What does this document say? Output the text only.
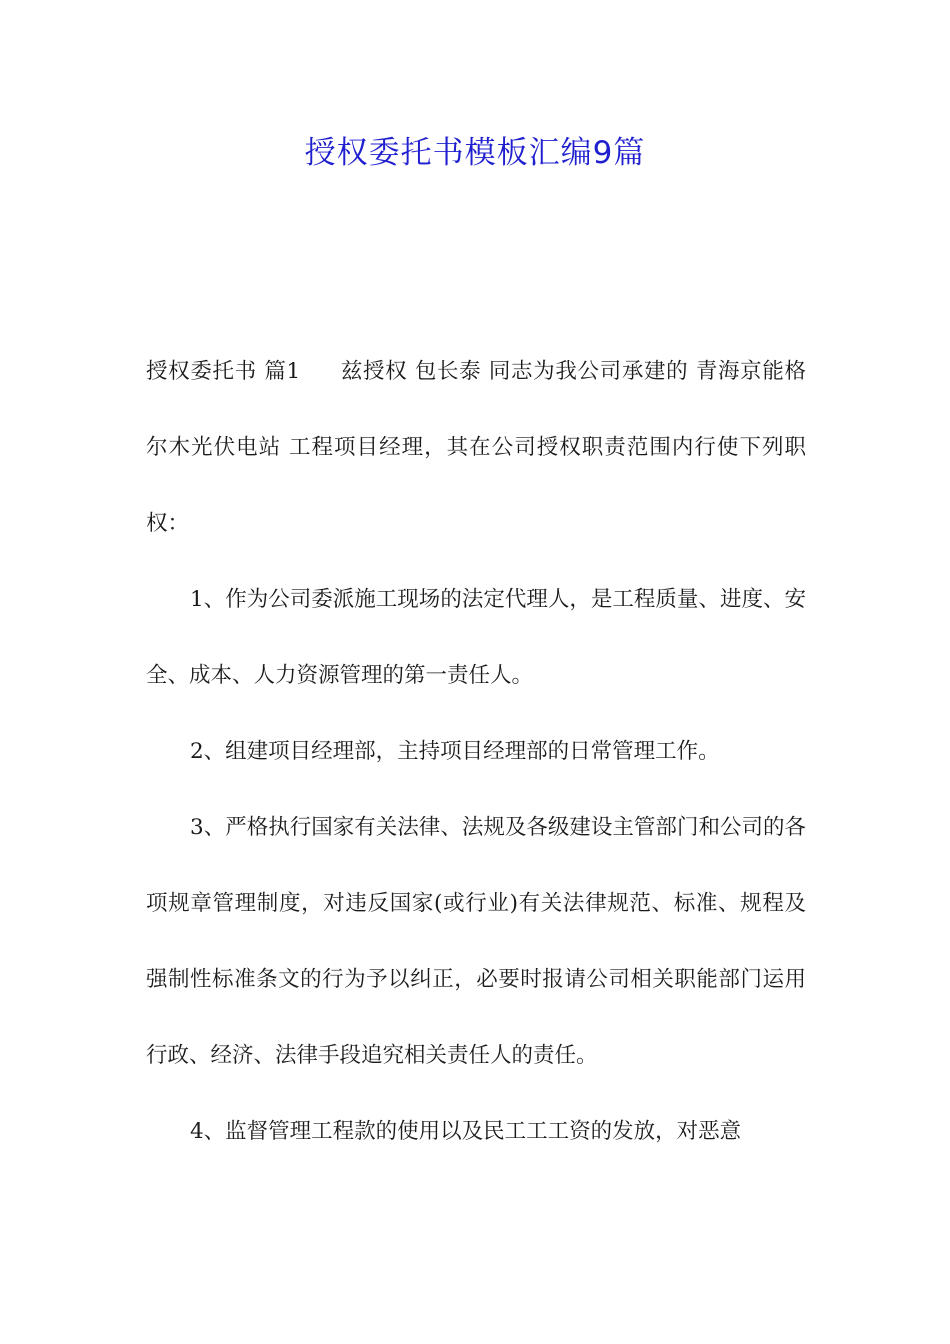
授权委托书模板汇编9篇

授权委托书 篇1 兹授权 包长泰 同志为我公司承建的 青海京能格尔木光伏电站 工程项目经理，其在公司授权职责范围内行使下列职权：

1、作为公司委派施工现场的法定代理人，是工程质量、进度、安全、成本、人力资源管理的第一责任人。

2、组建项目经理部，主持项目经理部的日常管理工作。

3、严格执行国家有关法律、法规及各级建设主管部门和公司的各项规章管理制度，对违反国家(或行业)有关法律规范、标准、规程及强制性标准条文的行为予以纠正，必要时报请公司相关职能部门运用行政、经济、法律手段追究相关责任人的责任。

4、监督管理工程款的使用以及民工工工资的发放，对恶意
